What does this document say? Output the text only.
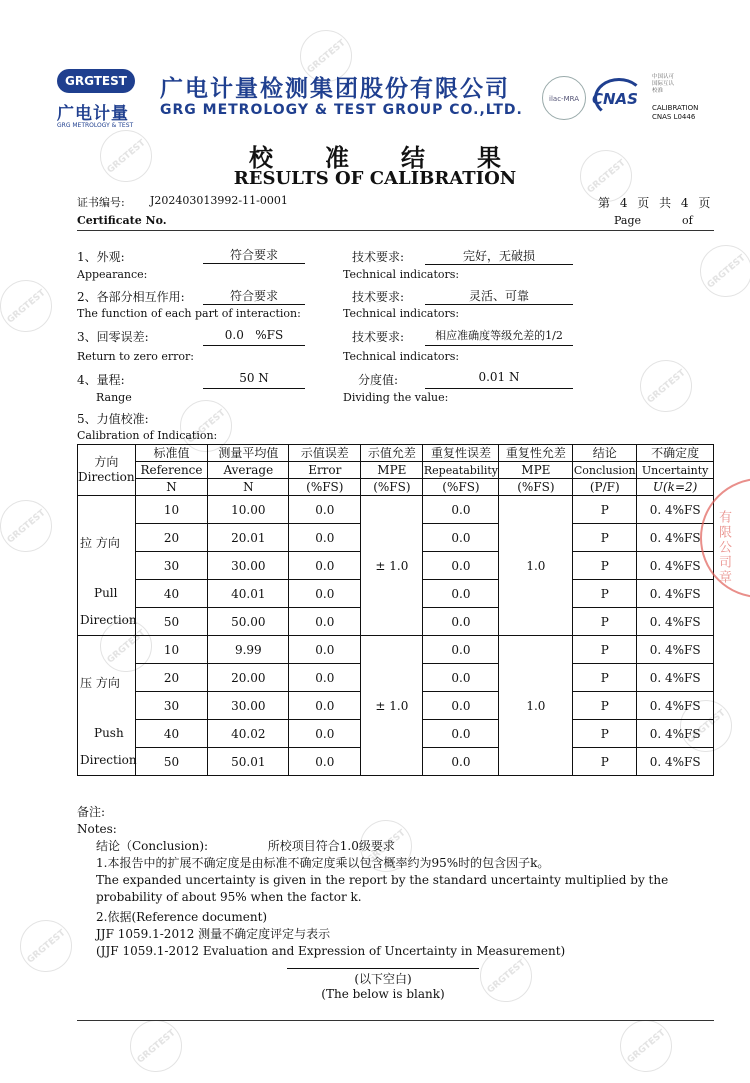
GRGTEST
GRGTEST
GRGTEST
GRGTEST
GRGTEST
GRGTEST
GRGTEST
GRGTEST
GRGTEST
GRGTEST
GRGTEST
GRGTEST
GRGTEST
GRGTEST
GRGTEST
GRGTEST
广电计量
GRG METROLOGY & TEST
广电计量检测集团股份有限公司
GRG METROLOGY & TEST GROUP CO.,LTD.
ilac-MRA CNAS
中国认可
国际互认
校准
CALIBRATION
CNAS L0446
校准结果
RESULTS OF CALIBRATION
证书编号: J202403013992-11-0001	第 4 页 共 4 页
Certificate No.	Page	of
1、外观:	符合要求
Appearance:
2、各部分相互作用:	符合要求
The function of each part of interaction:
3、回零误差:	0.0   %FS
Return to zero error:
4、量程:	50 N
Range
5、力值校准:
Calibration of Indication:
技术要求:	完好，无破损
Technical indicators:
技术要求:	灵活、可靠
Technical indicators:
技术要求:	相应准确度等级允差的1/2
Technical indicators:
分度值:	0.01 N
Dividing the value:
方向
Direction	标准值	测量平均值	示值误差	示值允差	重复性误差	重复性允差	结论	不确定度
	Reference	Average	Error	MPE	Repeatability	MPE	Conclusion	Uncertainty
	N	N	(%FS)	(%FS)	(%FS)	(%FS)	(P/F)	U(k=2)

拉 方向
Pull
Direction	10	10.00	0.0	± 1.0	0.0	1.0	P	0. 4%FS
	20	20.01	0.0		0.0		P	0. 4%FS
	30	30.00	0.0		0.0		P	0. 4%FS
	40	40.01	0.0		0.0		P	0. 4%FS
	50	50.00	0.0		0.0		P	0. 4%FS

压 方向
Push
Direction	10	9.99	0.0	± 1.0	0.0	1.0	P	0. 4%FS
	20	20.00	0.0		0.0		P	0. 4%FS
	30	30.00	0.0		0.0		P	0. 4%FS
	40	40.02	0.0		0.0		P	0. 4%FS
	50	50.01	0.0		0.0		P	0. 4%FS
有限公司章
备注:
Notes:
结论（Conclusion):	所校项目符合1.0级要求
1.本报告中的扩展不确定度是由标准不确定度乘以包含概率约为95%时的包含因子k。
The expanded uncertainty is given in the report by the standard uncertainty multiplied by the
probability of about 95% when the factor k.
2.依据(Reference document)
JJF 1059.1-2012 测量不确定度评定与表示
(JJF 1059.1-2012 Evaluation and Expression of Uncertainty in Measurement)
(以下空白)
(The below is blank)
